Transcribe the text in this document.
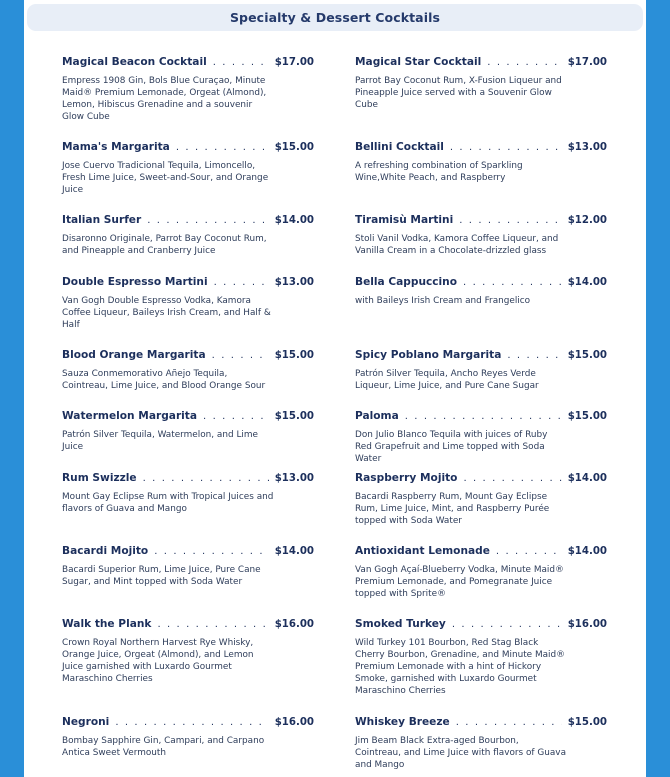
Specialty & Dessert Cocktails
Magical Beacon Cocktail . . .	$17.00
Empress 1908 Gin, Bols Blue Curaçao, Minute Maid® Premium Lemonade, Orgeat (Almond), Lemon, Hibiscus Grenadine and a souvenir Glow Cube
Magical Star Cocktail . . .	$17.00
Parrot Bay Coconut Rum, X-Fusion Liqueur and Pineapple Juice served with a Souvenir Glow Cube
Mama's Margarita . . .	$15.00
Jose Cuervo Tradicional Tequila, Limoncello, Fresh Lime Juice, Sweet-and-Sour, and Orange Juice
Bellini Cocktail . . .	$13.00
A refreshing combination of Sparkling Wine,White Peach, and Raspberry
Italian Surfer . . .	$14.00
Disaronno Originale, Parrot Bay Coconut Rum, and Pineapple and Cranberry Juice
Tiramisù Martini . . .	$12.00
Stoli Vanil Vodka, Kamora Coffee Liqueur, and Vanilla Cream in a Chocolate-drizzled glass
Double Espresso Martini . . .	$13.00
Van Gogh Double Espresso Vodka, Kamora Coffee Liqueur, Baileys Irish Cream, and Half & Half
Bella Cappuccino . . .	$14.00
with Baileys Irish Cream and Frangelico
Blood Orange Margarita . . .	$15.00
Sauza Conmemorativo Añejo Tequila, Cointreau, Lime Juice, and Blood Orange Sour
Spicy Poblano Margarita . . .	$15.00
Patrón Silver Tequila, Ancho Reyes Verde Liqueur, Lime Juice, and Pure Cane Sugar
Watermelon Margarita . . .	$15.00
Patrón Silver Tequila, Watermelon, and Lime Juice
Paloma . . .	$15.00
Don Julio Blanco Tequila with juices of Ruby Red Grapefruit and Lime topped with Soda Water
Rum Swizzle . . .	$13.00
Mount Gay Eclipse Rum with Tropical Juices and flavors of Guava and Mango
Raspberry Mojito . . .	$14.00
Bacardi Raspberry Rum, Mount Gay Eclipse Rum, Lime Juice, Mint, and Raspberry Purée topped with Soda Water
Bacardi Mojito . . .	$14.00
Bacardi Superior Rum, Lime Juice, Pure Cane Sugar, and Mint topped with Soda Water
Antioxidant Lemonade . . .	$14.00
Van Gogh Açaí-Blueberry Vodka, Minute Maid® Premium Lemonade, and Pomegranate Juice topped with Sprite®
Walk the Plank . . .	$16.00
Crown Royal Northern Harvest Rye Whisky, Orange Juice, Orgeat (Almond), and Lemon Juice garnished with Luxardo Gourmet Maraschino Cherries
Smoked Turkey . . .	$16.00
Wild Turkey 101 Bourbon, Red Stag Black Cherry Bourbon, Grenadine, and Minute Maid® Premium Lemonade with a hint of Hickory Smoke, garnished with Luxardo Gourmet Maraschino Cherries
Negroni . . .	$16.00
Bombay Sapphire Gin, Campari, and Carpano Antica Sweet Vermouth
Whiskey Breeze . . .	$15.00
Jim Beam Black Extra-aged Bourbon, Cointreau, and Lime Juice with flavors of Guava and Mango
